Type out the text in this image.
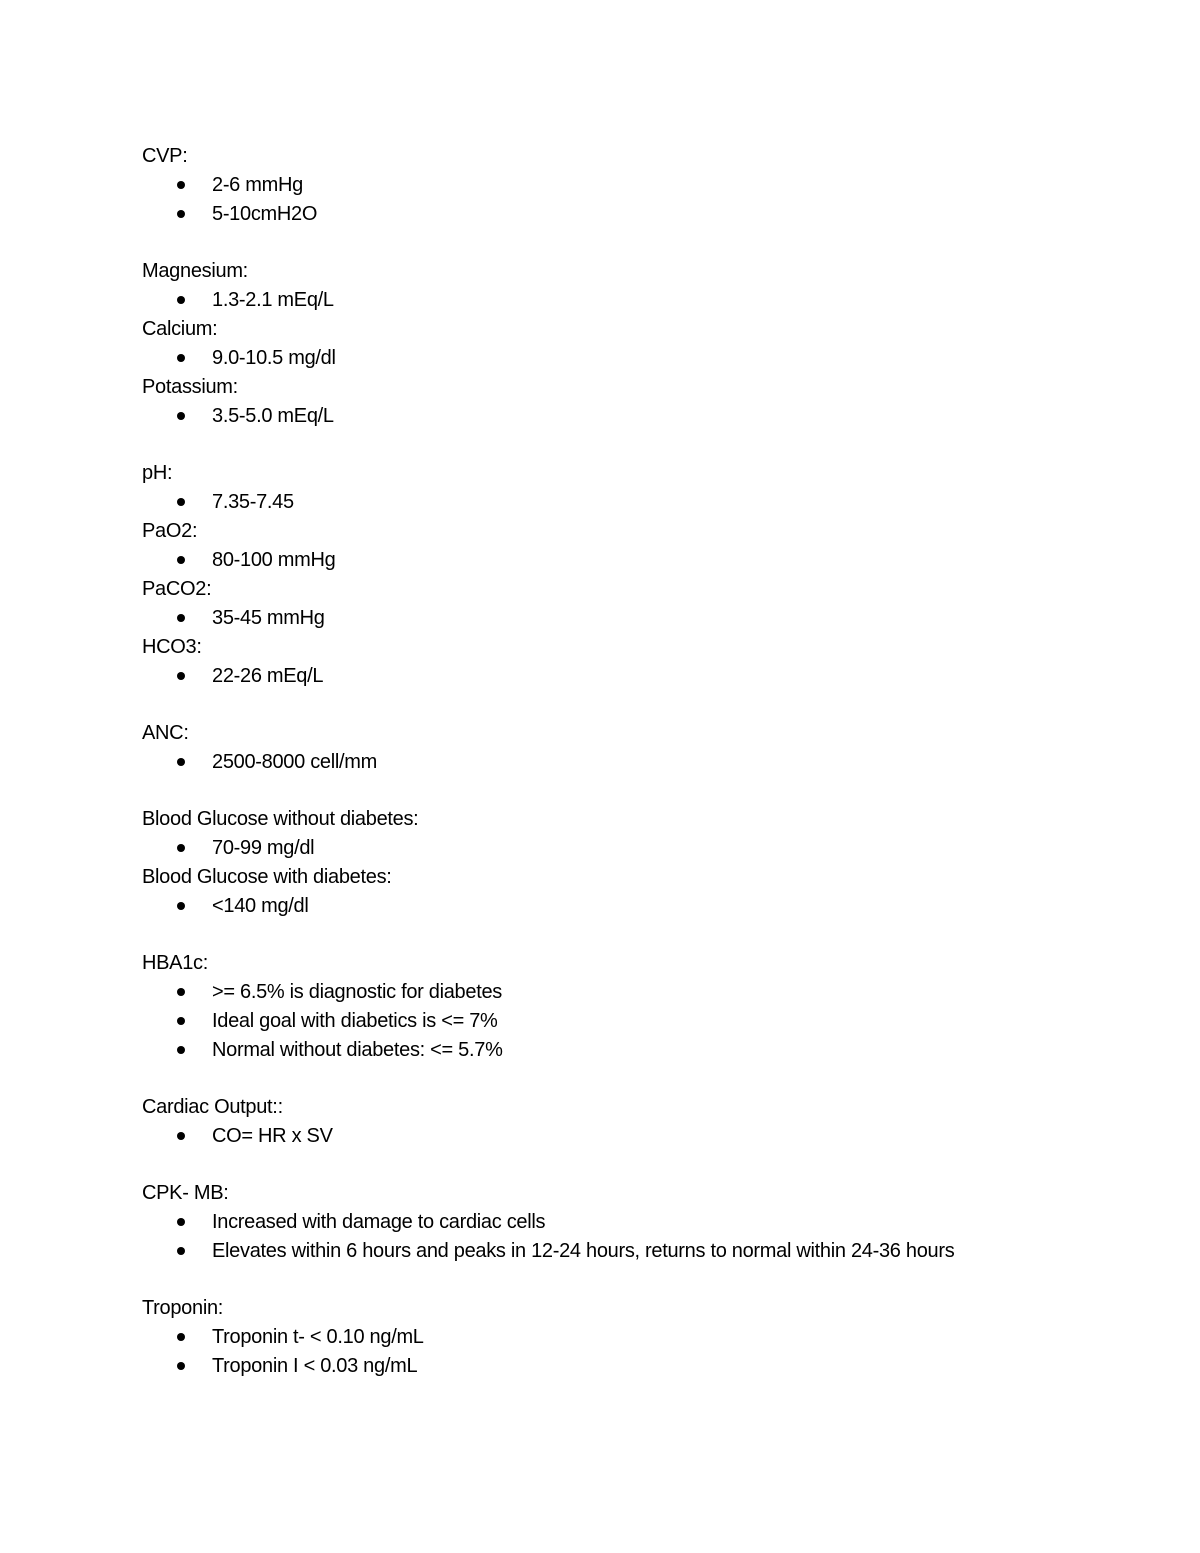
CVP:
2-6 mmHg
5-10cmH2O
Magnesium:
1.3-2.1 mEq/L
Calcium:
9.0-10.5 mg/dl
Potassium:
3.5-5.0 mEq/L
pH:
7.35-7.45
PaO2:
80-100 mmHg
PaCO2:
35-45 mmHg
HCO3:
22-26 mEq/L
ANC:
2500-8000 cell/mm
Blood Glucose without diabetes:
70-99 mg/dl
Blood Glucose with diabetes:
<140 mg/dl
HBA1c:
>= 6.5% is diagnostic for diabetes
Ideal goal with diabetics is <= 7%
Normal without diabetes: <= 5.7%
Cardiac Output::
CO= HR x SV
CPK- MB:
Increased with damage to cardiac cells
Elevates within 6 hours and peaks in 12-24 hours, returns to normal within 24-36 hours
Troponin:
Troponin t- < 0.10 ng/mL
Troponin I < 0.03 ng/mL
